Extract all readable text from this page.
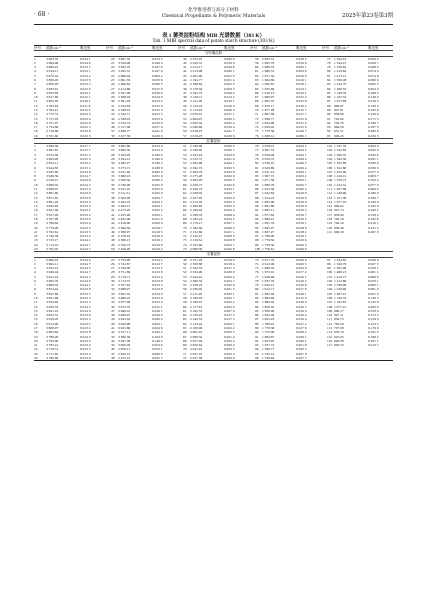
· 68 ·
化学推进剂与高分子材料
Chemical Propellants & Polymeric Materials	2025年第23卷第3期
表 1 薯类淀粉结构 MIR 光谱数据（303 K）
Tab. 1 MIR spectral data of potato starch structure (303 K)
序号	波数/cm⁻¹	吸光度	序号	波数/cm⁻¹	吸光度	序号	波数/cm⁻¹	吸光度	序号	波数/cm⁻¹	吸光度	序号	波数/cm⁻¹	吸光度
马铃薯淀粉														
1	3 993.79	0.014 1	20	3 687.32	0.014 3	39	2 235.02	0.020 0	58	2 005.31	0.018 2	77	1 562.01	0.029 4
2	3 984.96	0.014 0	21	3 326.96	0.166 4	40	2 226.31	0.019 9	59	1 995.78	0.019 6	78	1 544.15	0.028 7
3	3 960.97	0.013 7	22	3 302.70	0.167 8	41	2 213.17	0.019 8	60	1 989.53	0.020 1	79	1 529.82	0.028 2
4	3 919.11	0.013 1	23	3 295.51	0.167 9	42	2 213.08	0.020 1	61	1 980.31	0.023 9	80	1 419.84	0.074 4
5	3 872.44	0.014 4	24	2 980.94	0.063 2	43	2 205.96	0.021 0	62	1 971.56	0.016 0	81	1 413.12	0.074 8
6	3 856.20	0.013 5	25	2 661.35	0.033 6	44	2 194.77	0.021 4	63	1 964.89	0.016 1	82	1 359.48	0.090 9
7	3 850.20	0.013 5	26	2 466.83	0.020 3	45	2 186.84	0.022 0	64	1 950.87	0.016 1	83	1 242.79	0.065 5
8	3 833.91	0.012 0	27	2 414.86	0.017 8	46	2 178.50	0.023 5	65	1 935.66	0.013 1	84	1 206.55	0.054 4
9	3 833.83	0.012 1	28	2 391.99	0.016 9	47	2 162.73	0.026 2	66	1 918.13	0.016 1	85	1 149.33	0.168 2
10	3 817.60	0.012 1	29	2 368.04	0.014 9	48	2 149.71	0.014 4	67	1 909.97	0.015 4	86	1 102.52	0.149 0
11	3 805.02	0.010 2	30	2 361.43	0.013 4	49	2 141.90	0.016 1	68	1 892.70	0.015 8	87	1 077.83	0.218 5
12	3 783.83	0.011 8	31	2 354.83	0.015 0	50	2 124.19	0.016 0	69	1 876.17	0.016 4	88	996.97	0.158 2
13	3 784.21	0.012 5	32	2 348.91	0.015 3	51	2 113.29	0.020 2	70	1 877.48	0.015 7	89	927.81	0.162 8
14	3 772.72	0.013 3	33	2 342.71	0.013 5	52	2 078.22	0.017 1	71	1 867.08	0.017 7	90	858.99	0.156 9
15	3 757.03	0.012 6	34	2 336.03	0.015 6	53	2 064.97	0.020 3	72	1 838.77	0.015 6	91	761.92	0.171 3
16	3 751.07	0.012 8	35	2 324.74	0.019 0	54	2 050.34	0.025 4	73	1 842.98	0.015 2	92	704.79	0.166 7
17	3 734.88	0.012 5	36	2 317.00	0.017 6	55	2 030.69	0.019 4	74	1 829.42	0.015 6	93	664.58	0.197 3
18	3 716.68	0.012 6	37	2 286.77	0.021 6	56	2 018.23	0.021 7	75	1 779.56	0.016 7	94	631.51	0.200 8
19	3 701.60	0.013 3	38	2 257.59	0.020 0	57	2 018.25	0.020 9	76	1 638.14	0.060 1	95	606.43	0.234 3
红薯淀粉														
1	3 990.66	0.017 7	26	3 695.86	0.014 8	51	2 340.06	0.020 6	76	2 078.47	0.024 2	101	1 537.76	0.064 9
2	3 981.87	0.015 7	27	3 600.50	0.015 4	52	2 330.92	0.020 7	77	2 067.53	0.024 2	102	1 522.82	0.032 9
3	3 972.49	0.015 5	28	3 303.95	0.190 6	53	2 323.24	0.023 8	78	2 058.46	0.024 7	103	1 360.35	0.032 0
4	3 963.26	0.015 3	29	3 294.12	0.190 9	54	2 312.37	0.021 9	79	2 050.72	0.028 2	104	1 342.56	0.031 1
5	3 954.11	0.013 2	30	3 285.27	0.190 3	55	2 302.68	0.022 1	80	2 039.16	0.026 5	105	1 335.89	0.030 9
6	3 944.85	0.015 1	31	3 275.71	0.189 9	56	2 292.73	0.023 3	81	2 029.89	0.026 4	106	1 322.88	0.030 9
7	3 935.60	0.014 8	32	3 931.60	0.093 4	57	2 284.79	0.024 8	82	2 011.14	0.024 1	107	1 452.00	0.077 3
8	3 926.36	0.014 7	33	3 608.16	0.031 6	58	2 275.28	0.022 9	83	1 997.72	0.023 2	108	1 416.12	0.083 7
9	3 910.15	0.014 6	34	2 620.59	0.030 4	59	2 263.29	0.022 3	84	1 971.58	0.022 1	109	1 376.73	0.103 4
10	3 908.35	0.014 2	35	2 530.00	0.025 9	60	2 256.77	0.022 6	85	1 980.78	0.022 7	110	1 244.31	0.077 3
11	3 899.07	0.015 4	36	2 521.42	0.025 6	61	2 246.72	0.023 1	86	1 954.58	0.020 4	111	1 207.66	0.064 2
12	3 881.60	0.013 9	37	2 511.51	0.025 0	62	2 238.04	0.023 7	87	1 942.84	0.019 8	112	1 149.60	0.186 9
13	3 871.65	0.013 8	38	2 502.06	0.024 7	63	2 227.92	0.023 9	88	1 914.22	0.019 9	113	1 101.38	0.166 7
14	3 861.20	0.013 3	39	2 492.45	0.024 3	64	2 214.35	0.023 4	89	1 905.06	0.019 6	114	1 077.16	0.249 8
15	3 845.63	0.013 3	40	2 484.15	0.024 1	65	2 209.82	0.023 3	90	1 891.86	0.018 6	115	996.02	0.192 8
16	3 827.06	0.013 2	41	2 475.20	0.023 3	66	2 199.42	0.024 4	91	1 883.11	0.019 5	116	927.74	0.190 2
17	3 817.26	0.013 2	42	2 455.49	0.023 1	67	2 189.33	0.026 4	92	1 871.82	0.019 7	117	859.94	0.158 2
18	3 797.00	0.013 0	43	2 425.06	0.021 0	68	2 182.22	0.024 3	93	1 866.21	0.019 5	118	763.18	0.192 8
19	3 788.64	0.013 4	44	2 416.00	0.020 9	69	2 170.17	0.027 1	94	1 855.79	0.019 1	119	706.16	0.216 1
20	3 779.06	0.013 5	45	2 396.56	0.019 7	70	2 162.58	0.026 2	95	1 845.47	0.018 9	120	639.46	0.231 3
21	3 762.61	0.013 5	46	2 388.07	0.019 5	71	2 152.60	0.021 1	96	1 827.27	0.018 4	121	606.59	0.267 0
22	3 740.58	0.013 4	47	2 378.42	0.018 9	72	2 142.47	0.029 5	97	1 798.00	0.019 1			
23	3 723.17	0.014 1	48	2 368.13	0.019 1	73	2 116.54	0.026 8	98	1 779.56	0.019 6			
24	3 714.10	0.013 7	49	2 359.73	0.019 8	74	2 105.60	0.023 1	99	1 759.36	0.020 3			
25	3 705.02	0.014 7	50	2 346.29	0.019 4	75	2 098.39	0.022 8	100	1 750.61	0.029 9			
木薯淀粉														
1	3 986.91	0.014 9	25	3 753.00	0.014 2	49	2 371.28	0.019 0	73	2 017.76	0.020 6	97	1 534.85	0.026 8
2	3 964.11	0.014 7	26	3 741.87	0.012 7	50	2 358.88	0.019 4	74	2 012.06	0.020 5	98	1 520.79	0.027 3
3	3 952.14	0.014 5	27	3 256.99	0.153 5	51	2 343.53	0.017 5	75	1 980.35	0.024 9	99	1 505.98	0.029 1
4	3 940.04	0.014 7	28	3 751.89	0.013 8	52	2 334.00	0.020 0	76	1 972.01	0.017 4	100	1 489.13	0.061 1
5	3 921.43	0.014 3	29	3 719.71	0.013 4	53	2 324.24	0.024 4	77	1 946.69	0.016 1	101	1 419.77	0.069 9
6	3 905.70	0.014 0	30	3 713.37	0.013 8	54	2 286.32	0.024 7	78	1 937.79	0.016 2	102	1 412.86	0.070 1
7	3 888.03	0.014 1	31	3 707.94	0.013 3	55	2 258.18	0.022 9	79	1 920.21	0.016 8	103	1 339.99	0.083 7
8	3 874.44	0.013 8	32	3 698.97	0.013 8	56	2 236.02	0.021 5	80	1 912.71	0.017 6	104	1 240.69	0.061 9
9	3 857.60	0.013 5	33	3 691.35	0.014 0	57	2 211.48	0.022 1	81	1 892.48	0.016 1	105	1 207.21	0.051 0
10	3 851.68	0.014 5	34	3 686.22	0.013 8	58	2 199.93	0.022 7	82	1 884.60	0.015 6	106	1 149.32	0.149 5
11	3 834.94	0.015 5	35	3 677.00	0.015 4	59	2 186.97	0.024 4	83	1 866.94	0.016 9	107	1 102.87	0.135 9
12	3 820.55	0.014 5	36	3 672.55	0.015 1	60	2 177.81	0.022 0	84	1 859.35	0.016 7	108	1 077.15	0.200 9
13	3 841.19	0.014 0	37	3 666.41	0.016 1	61	2 162.53	0.027 9	85	1 850.99	0.016 0	109	996.17	0.378 6
14	3 822.31	0.013 9	38	3 660.97	0.019 4	62	2 150.16	0.017 5	86	1 842.46	0.016 4	110	927.11	0.153 5
15	3 818.29	0.013 5	39	3 645.63	0.020 2	63	2 142.53	0.017 5	87	1 825.24	0.016 4	111	859.75	0.128 0
16	3 812.96	0.013 2	40	3 629.98	0.024 1	64	2 124.44	0.022 1	88	1 789.91	0.017 2	112	763.29	0.153 3
17	3 808.07	0.013 4	41	3 625.86	0.024 6	65	2 100.06	0.022 2	89	1 778.38	0.017 6	113	707.09	0.176 9
18	3 803.64	0.013 8	42	3 317.11	0.164 4	66	2 081.22	0.023 5	90	1 755.06	0.020 2	114	670.19	0.181 0
19	3 798.20	0.014 0	43	3 306.56	0.164 9	67	2 068.32	0.021 4	91	1 694.87	0.049 1	115	647.05	0.198 2
20	3 793.00	0.013 4	44	3 281.38	0.146 4	68	2 057.04	0.022 4	92	1 653.95	0.049 2	116	640.28	0.181 1
21	3 783.41	0.013 4	45	3 000.49	0.054 6	69	2 050.64	0.020 4	93	1 637.74	0.051 8	117	603.73	0.210 7
22	3 776.51	0.013 5	46	2 950.11	0.070 1	70	2 041.91	0.023 5	94	1 560.77	0.032 5			
23	3 771.65	0.013 4	47	2 659.31	0.036 0	71	2 037.10	0.023 4	95	1 555.14	0.027 8			
24	3 760.89	0.013 6	48	2 455.01	0.025 7	72	2 027.58	0.020 8	96	1 539.84	0.027 7			
